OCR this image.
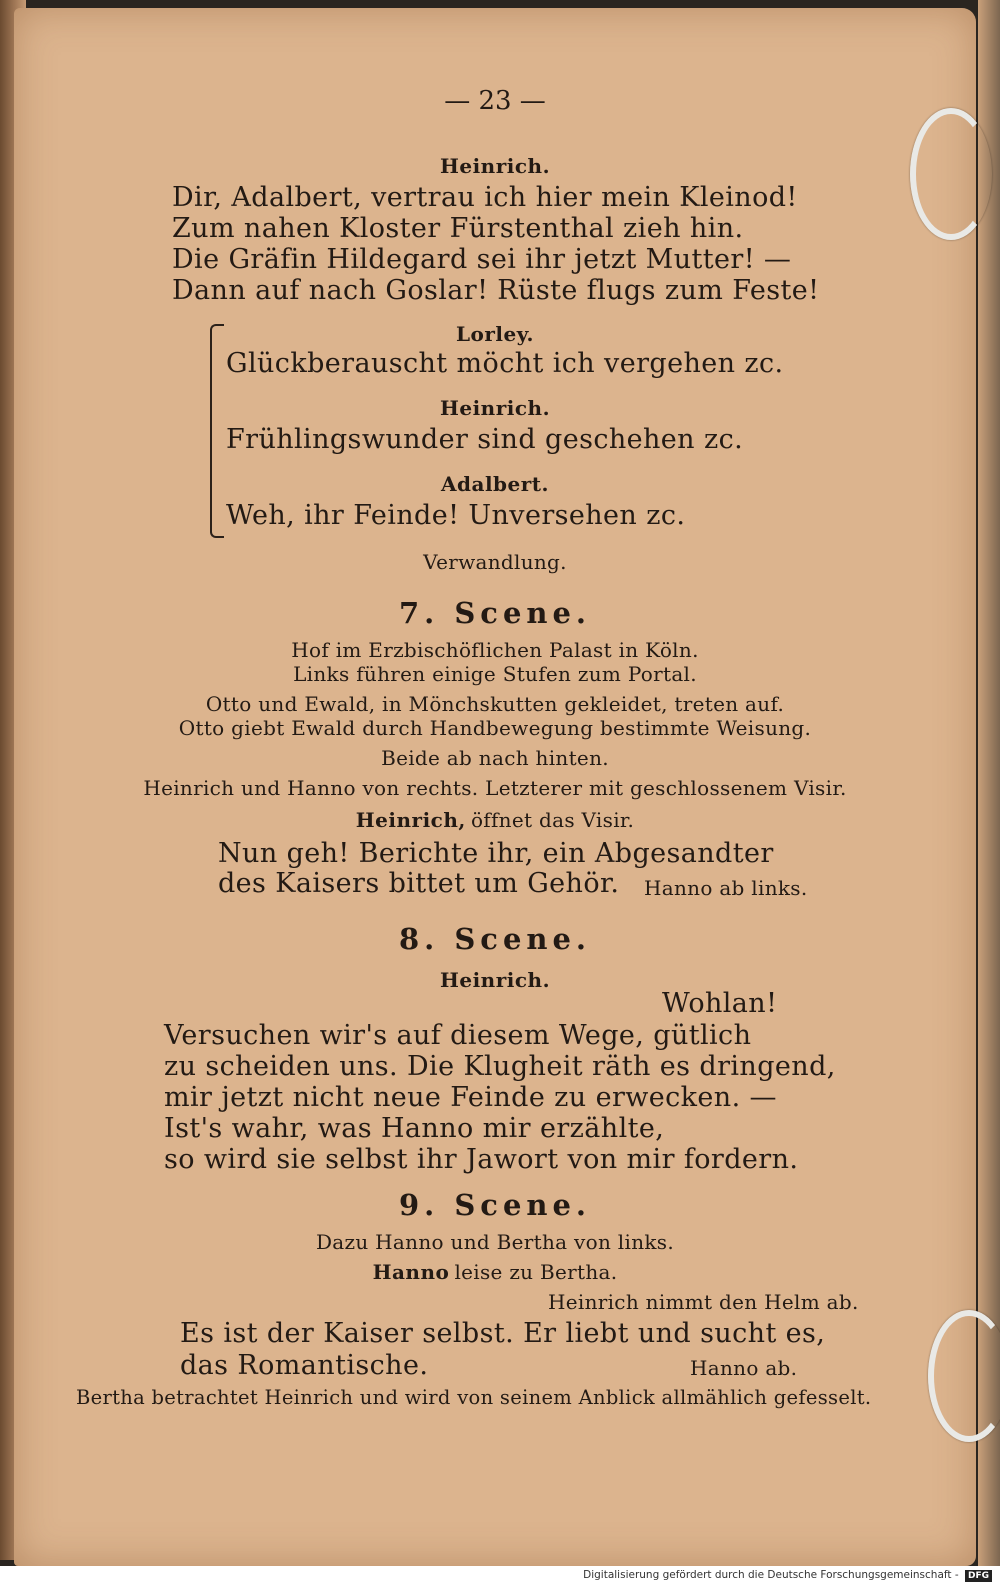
— 23 —
Heinrich.
Dir, Adalbert, vertrau ich hier mein Kleinod!
Zum nahen Kloster Fürstenthal zieh hin.
Die Gräfin Hildegard sei ihr jetzt Mutter! —
Dann auf nach Goslar! Rüste flugs zum Feste!
Lorley.
Glückberauscht möcht ich vergehen zc.
Heinrich.
Frühlingswunder sind geschehen zc.
Adalbert.
Weh, ihr Feinde! Unversehen zc.
Verwandlung.
7. Scene.
Hof im Erzbischöflichen Palast in Köln.
Links führen einige Stufen zum Portal.
Otto und Ewald, in Mönchskutten gekleidet, treten auf.
Otto giebt Ewald durch Handbewegung bestimmte Weisung.
Beide ab nach hinten.
Heinrich und Hanno von rechts. Letzterer mit geschlossenem Visir.
Heinrich, öffnet das Visir.
Nun geh! Berichte ihr, ein Abgesandter
des Kaisers bittet um Gehör. Hanno ab links.
8. Scene.
Heinrich.
Wohlan!
Versuchen wir's auf diesem Wege, gütlich
zu scheiden uns. Die Klugheit räth es dringend,
mir jetzt nicht neue Feinde zu erwecken. —
Ist's wahr, was Hanno mir erzählte,
so wird sie selbst ihr Jawort von mir fordern.
9. Scene.
Dazu Hanno und Bertha von links.
Hanno leise zu Bertha.
Heinrich nimmt den Helm ab.
Es ist der Kaiser selbst. Er liebt und sucht es,
das Romantische.	Hanno ab.
Bertha betrachtet Heinrich und wird von seinem Anblick allmählich gefesselt.
Digitalisierung gefördert durch die Deutsche Forschungsgemeinschaft - DFG
